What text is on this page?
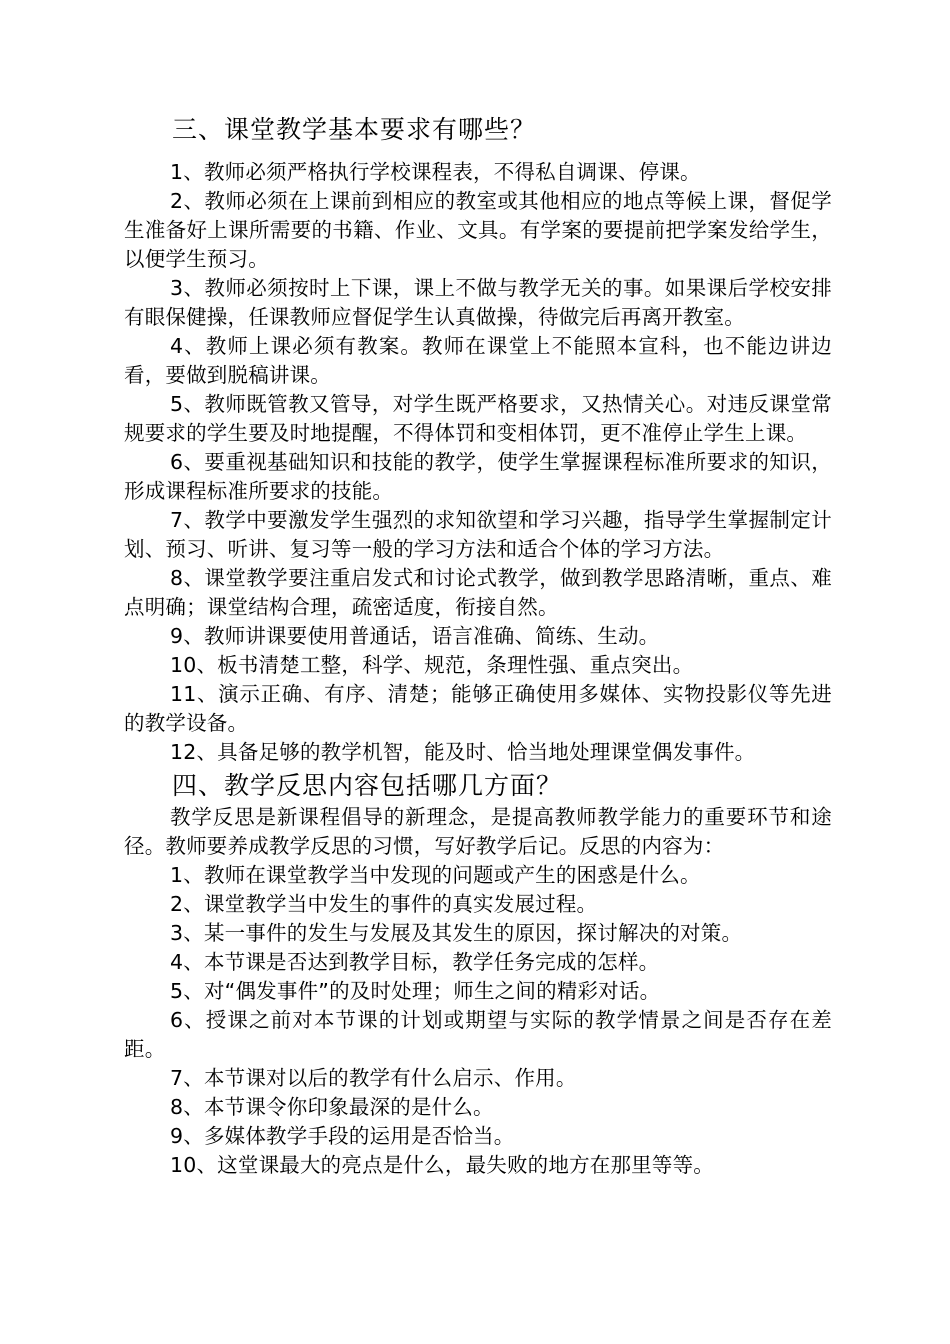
三、课堂教学基本要求有哪些？

1、教师必须严格执行学校课程表，不得私自调课、停课。

2、教师必须在上课前到相应的教室或其他相应的地点等候上课，督促学生准备好上课所需要的书籍、作业、文具。有学案的要提前把学案发给学生，以便学生预习。

3、教师必须按时上下课，课上不做与教学无关的事。如果课后学校安排有眼保健操，任课教师应督促学生认真做操，待做完后再离开教室。

4、教师上课必须有教案。教师在课堂上不能照本宣科，也不能边讲边看，要做到脱稿讲课。

5、教师既管教又管导，对学生既严格要求，又热情关心。对违反课堂常规要求的学生要及时地提醒，不得体罚和变相体罚，更不准停止学生上课。

6、要重视基础知识和技能的教学，使学生掌握课程标准所要求的知识，形成课程标准所要求的技能。

7、教学中要激发学生强烈的求知欲望和学习兴趣，指导学生掌握制定计划、预习、听讲、复习等一般的学习方法和适合个体的学习方法。

8、课堂教学要注重启发式和讨论式教学，做到教学思路清晰，重点、难点明确；课堂结构合理，疏密适度，衔接自然。

9、教师讲课要使用普通话，语言准确、简练、生动。

10、板书清楚工整，科学、规范，条理性强、重点突出。

11、演示正确、有序、清楚；能够正确使用多媒体、实物投影仪等先进的教学设备。

12、具备足够的教学机智，能及时、恰当地处理课堂偶发事件。

四、教学反思内容包括哪几方面？

教学反思是新课程倡导的新理念，是提高教师教学能力的重要环节和途径。教师要养成教学反思的习惯，写好教学后记。反思的内容为：

1、教师在课堂教学当中发现的问题或产生的困惑是什么。

2、课堂教学当中发生的事件的真实发展过程。

3、某一事件的发生与发展及其发生的原因，探讨解决的对策。

4、本节课是否达到教学目标，教学任务完成的怎样。

5、对“偶发事件”的及时处理；师生之间的精彩对话。

6、授课之前对本节课的计划或期望与实际的教学情景之间是否存在差距。

7、本节课对以后的教学有什么启示、作用。

8、本节课令你印象最深的是什么。

9、多媒体教学手段的运用是否恰当。

10、这堂课最大的亮点是什么，最失败的地方在那里等等。
